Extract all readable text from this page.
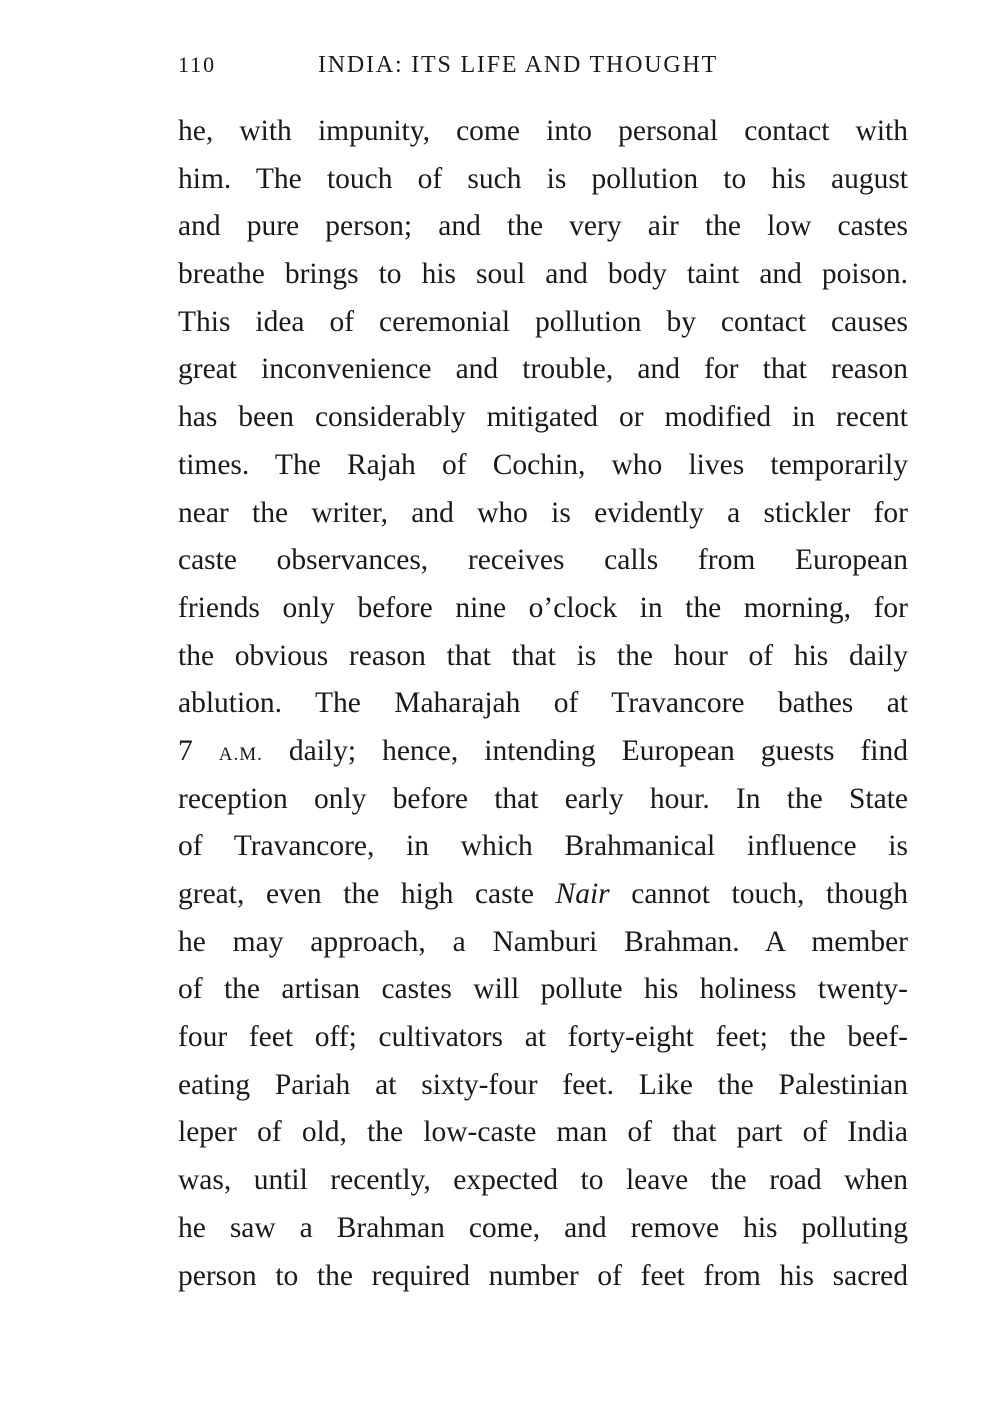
110	INDIA: ITS LIFE AND THOUGHT
he, with impunity, come into personal contact with
him. The touch of such is pollution to his august
and pure person; and the very air the low castes
breathe brings to his soul and body taint and poison.
This idea of ceremonial pollution by contact causes
great inconvenience and trouble, and for that reason
has been considerably mitigated or modified in recent
times. The Rajah of Cochin, who lives temporarily
near the writer, and who is evidently a stickler for
caste observances, receives calls from European
friends only before nine o’clock in the morning, for
the obvious reason that that is the hour of his daily
ablution. The Maharajah of Travancore bathes at
7 A.M. daily; hence, intending European guests find
reception only before that early hour. In the State
of Travancore, in which Brahmanical influence is
great, even the high caste Nair cannot touch, though
he may approach, a Namburi Brahman. A member
of the artisan castes will pollute his holiness twenty-
four feet off; cultivators at forty-eight feet; the beef-
eating Pariah at sixty-four feet. Like the Palestinian
leper of old, the low-caste man of that part of India
was, until recently, expected to leave the road when
he saw a Brahman come, and remove his polluting
person to the required number of feet from his sacred
